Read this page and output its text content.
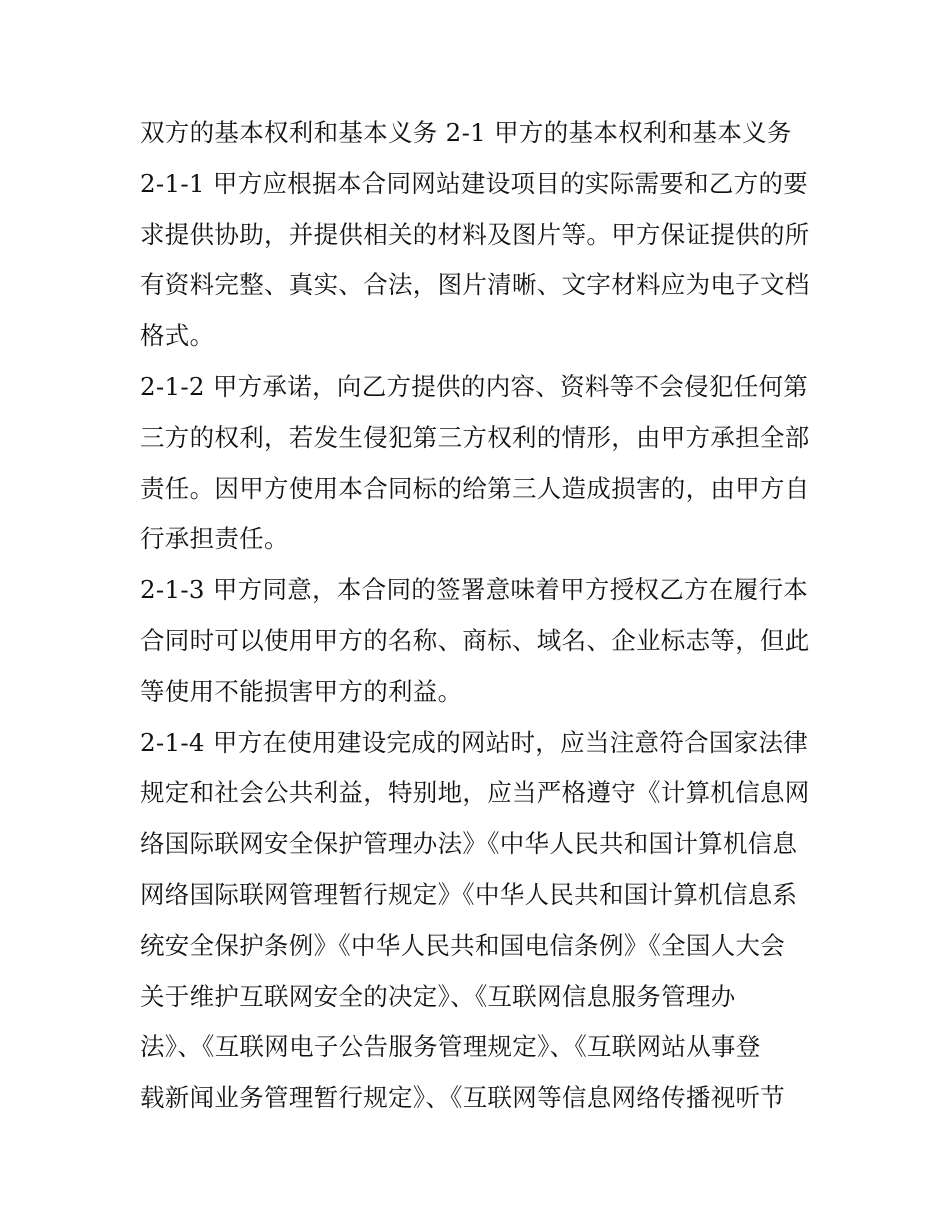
双方的基本权利和基本义务 2-1 甲方的基本权利和基本义务
2-1-1 甲方应根据本合同网站建设项目的实际需要和乙方的要
求提供协助，并提供相关的材料及图片等。甲方保证提供的所
有资料完整、真实、合法，图片清晰、文字材料应为电子文档
格式。
2-1-2 甲方承诺，向乙方提供的内容、资料等不会侵犯任何第
三方的权利，若发生侵犯第三方权利的情形，由甲方承担全部
责任。因甲方使用本合同标的给第三人造成损害的，由甲方自
行承担责任。
2-1-3 甲方同意，本合同的签署意味着甲方授权乙方在履行本
合同时可以使用甲方的名称、商标、域名、企业标志等，但此
等使用不能损害甲方的利益。
2-1-4 甲方在使用建设完成的网站时，应当注意符合国家法律
规定和社会公共利益，特别地，应当严格遵守《计算机信息网
络国际联网安全保护管理办法》《中华人民共和国计算机信息
网络国际联网管理暂行规定》《中华人民共和国计算机信息系
统安全保护条例》《中华人民共和国电信条例》《全国人大会
关于维护互联网安全的决定》、《互联网信息服务管理办
法》、《互联网电子公告服务管理规定》、《互联网站从事登
载新闻业务管理暂行规定》、《互联网等信息网络传播视听节
